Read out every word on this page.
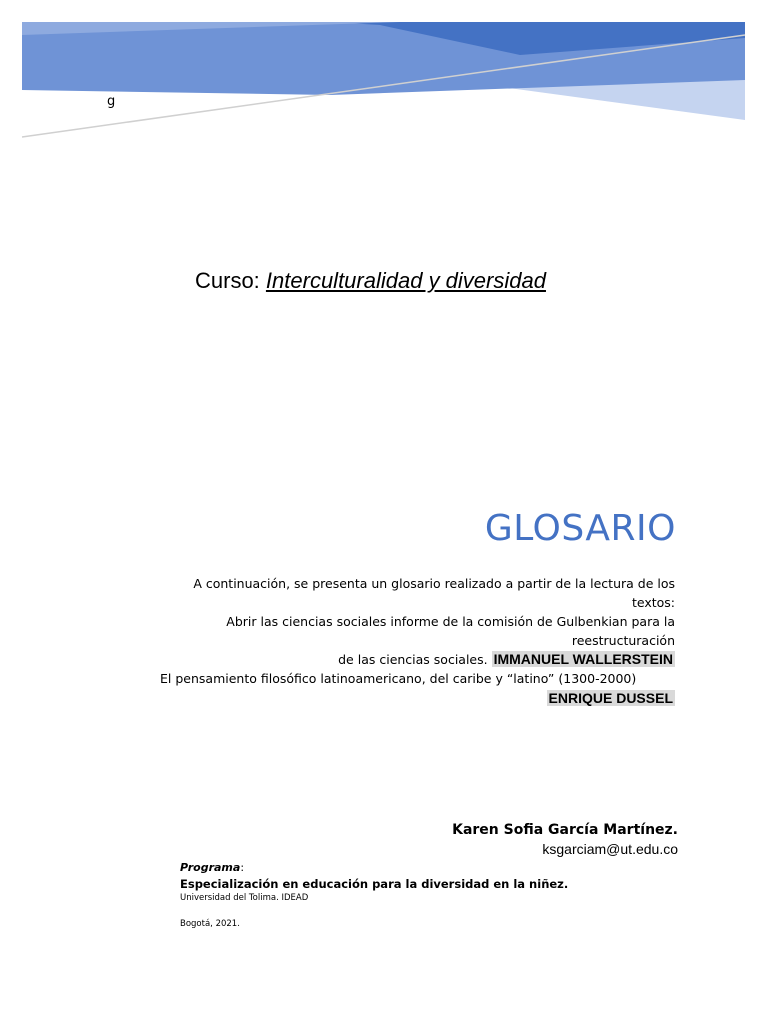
g
Curso: Interculturalidad y diversidad
GLOSARIO
A continuación, se presenta un glosario realizado a partir de la lectura de los textos:
Abrir las ciencias sociales informe de la comisión de Gulbenkian para la reestructuración
de las ciencias sociales. IMMANUEL WALLERSTEIN
El pensamiento filosófico latinoamericano, del caribe y “latino” (1300-2000)
ENRIQUE DUSSEL
Karen Sofia García Martínez.
ksgarciam@ut.edu.co
Programa:
Especialización en educación para la diversidad en la niñez.
Universidad del Tolima. IDEAD
Bogotá, 2021.
